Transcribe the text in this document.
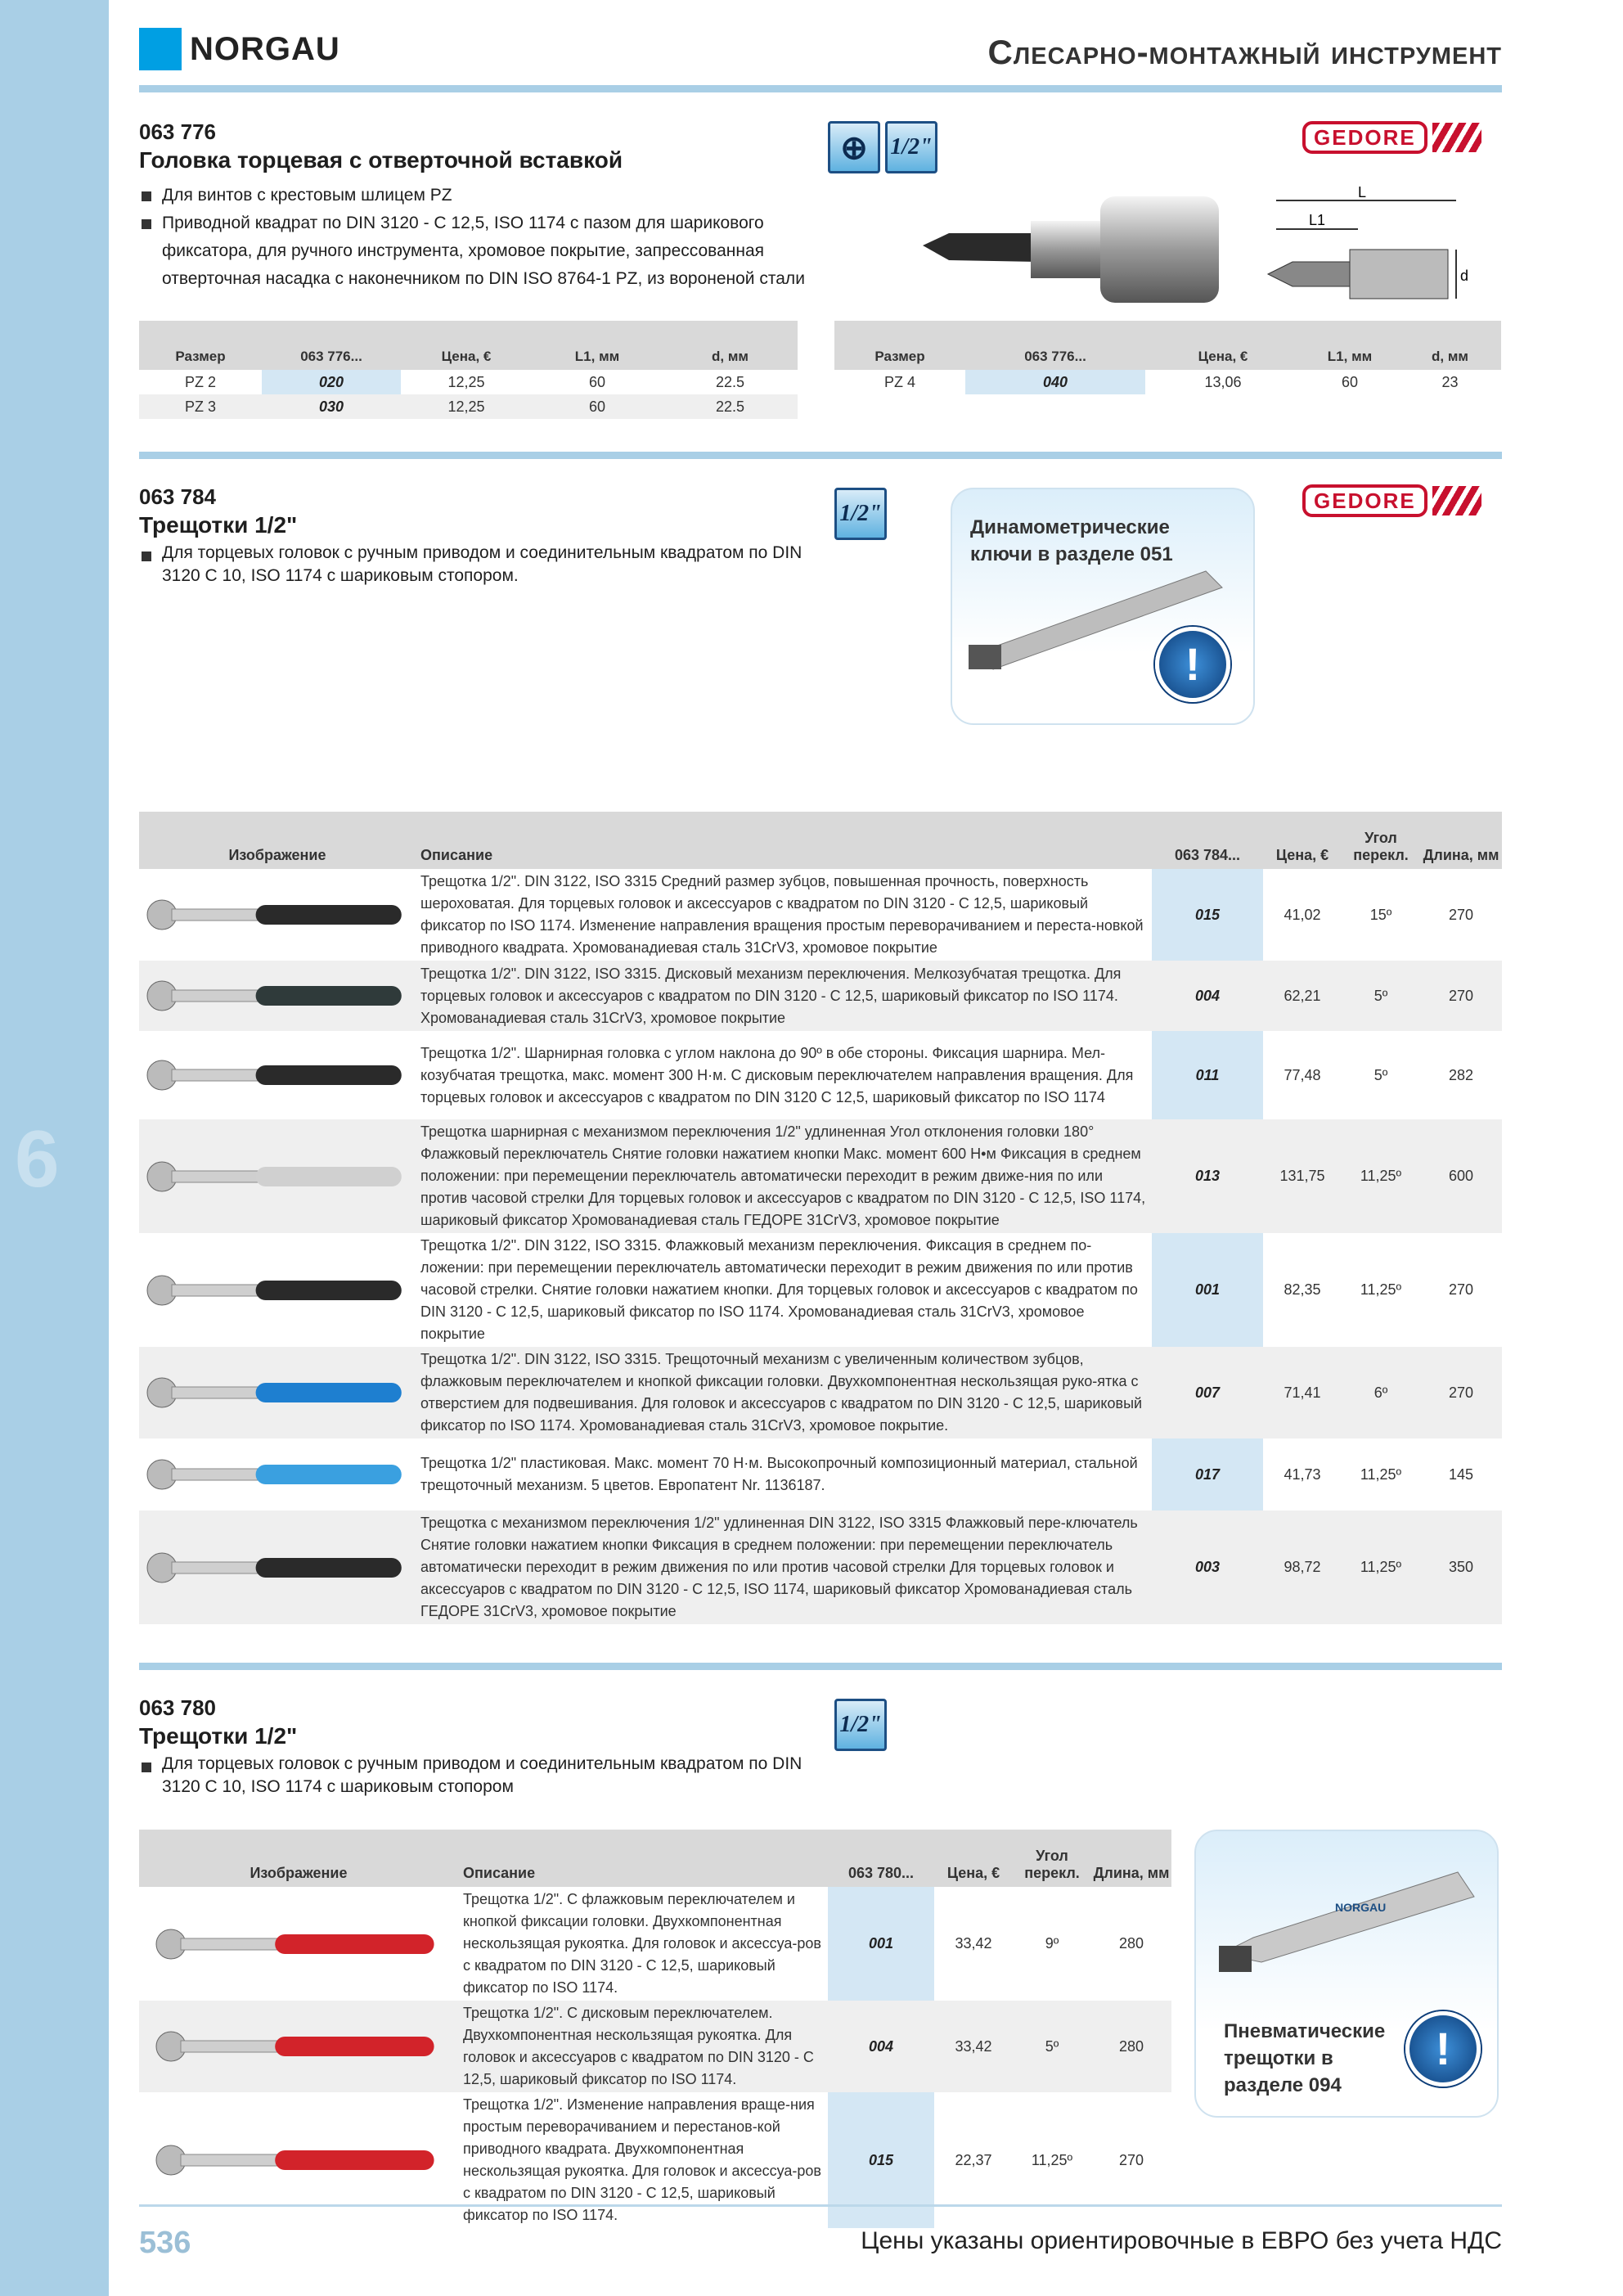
6
NORGAU	Слесарно-монтажный инструмент
063 776
Головка торцевая с отверточной вставкой
Для винтов с крестовым шлицем PZ
Приводной квадрат по DIN 3120 - C 12,5, ISO 1174 с пазом для шарикового фиксатора, для ручного инструмента, хромовое покрытие, запрессованная отверточная насадка с наконечником по DIN ISO 8764-1 PZ, из вороненой стали
⊕ 1/2"	GEDORE
L
L1
d
Размер	063 776...	Цена, €	L1, мм	d, мм
PZ 2	020	12,25	60	22.5
PZ 3	030	12,25	60	22.5
Размер	063 776...	Цена, €	L1, мм	d, мм
PZ 4	040	13,06	60	23
063 784
Трещотки 1/2"
Для торцевых головок с ручным приводом и соединительным квадратом по DIN 3120 C 10, ISO 1174 с шариковым стопором.
1/2"
Динамометрические ключи в разделе 051
!
GEDORE
Изображение	Описание	063 784...	Цена, €	Угол перекл.	Длина, мм

	Трещотка 1/2". DIN 3122, ISO 3315 Средний размер зубцов, повышенная прочность, поверхность шероховатая. Для торцевых головок и аксессуаров с квадратом по DIN 3120 - C 12,5, шариковый фиксатор по ISO 1174. Изменение направления вращения простым переворачиванием и переста-новкой приводного квадрата. Хромованадиевая сталь 31CrV3, хромовое покрытие	015	41,02	15º	270

	Трещотка 1/2". DIN 3122, ISO 3315. Дисковый механизм переключения. Мелкозубчатая трещотка. Для торцевых головок и аксессуаров с квадратом по DIN 3120 - C 12,5, шариковый фиксатор по ISO 1174. Хромованадиевая сталь 31CrV3, хромовое покрытие	004	62,21	5º	270

	Трещотка 1/2". Шарнирная головка с углом наклона до 90º в обе стороны. Фиксация шарнира. Мел-козубчатая трещотка, макс. момент 300 Н·м. С дисковым переключателем направления вращения. Для торцевых головок и аксессуаров с квадратом по DIN 3120 C 12,5, шариковый фиксатор по ISO 1174	011	77,48	5º	282

	Трещотка шарнирная с механизмом переключения 1/2" удлиненная Угол отклонения головки 180° Флажковый переключатель Снятие головки нажатием кнопки Макс. момент 600 Н•м Фиксация в среднем положении: при перемещении переключатель автоматически переходит в режим движе-ния по или против часовой стрелки Для торцевых головок и аксессуаров с квадратом по DIN 3120 - C 12,5, ISO 1174, шариковый фиксатор Хромованадиевая сталь ГЕДОРЕ 31CrV3, хромовое покрытие	013	131,75	11,25º	600

	Трещотка 1/2". DIN 3122, ISO 3315. Флажковый механизм переключения. Фиксация в среднем по-ложении: при перемещении переключатель автоматически переходит в режим движения по или против часовой стрелки. Снятие головки нажатием кнопки. Для торцевых головок и аксессуаров с квадратом по DIN 3120 - C 12,5, шариковый фиксатор по ISO 1174. Хромованадиевая сталь 31CrV3, хромовое покрытие	001	82,35	11,25º	270

	Трещотка 1/2". DIN 3122, ISO 3315. Трещоточный механизм с увеличенным количеством зубцов, флажковым переключателем и кнопкой фиксации головки. Двухкомпонентная нескользящая руко-ятка с отверстием для подвешивания. Для головок и аксессуаров с квадратом по DIN 3120 - C 12,5, шариковый фиксатор по ISO 1174. Хромованадиевая сталь 31CrV3, хромовое покрытие.	007	71,41	6º	270

	Трещотка 1/2" пластиковая. Макс. момент 70 Н·м. Высокопрочный композиционный материал, стальной трещоточный механизм. 5 цветов. Европатент Nr. 1136187.	017	41,73	11,25º	145

	Трещотка с механизмом переключения 1/2" удлиненная DIN 3122, ISO 3315 Флажковый пере-ключатель Снятие головки нажатием кнопки Фиксация в среднем положении: при перемещении переключатель автоматически переходит в режим движения по или против часовой стрелки Для торцевых головок и аксессуаров с квадратом по DIN 3120 - C 12,5, ISO 1174, шариковый фиксатор Хромованадиевая сталь ГЕДОРЕ 31CrV3, хромовое покрытие	003	98,72	11,25º	350
063 780
Трещотки 1/2"
Для торцевых головок с ручным приводом и соединительным квадратом по DIN 3120 C 10, ISO 1174 с шариковым стопором
1/2"
Изображение	Описание	063 780...	Цена, €	Угол перекл.	Длина, мм

	Трещотка 1/2". С флажковым переключателем и кнопкой фиксации головки. Двухкомпонентная нескользящая рукоятка. Для головок и аксессуа-ров с квадратом по DIN 3120 - C 12,5, шариковый фиксатор по ISO 1174.	001	33,42	9º	280

	Трещотка 1/2". С дисковым переключателем. Двухкомпонентная нескользящая рукоятка. Для головок и аксессуаров с квадратом по DIN 3120 - C 12,5, шариковый фиксатор по ISO 1174.	004	33,42	5º	280

	Трещотка 1/2". Изменение направления враще-ния простым переворачиванием и перестанов-кой приводного квадрата. Двухкомпонентная нескользящая рукоятка. Для головок и аксессуа-ров с квадратом по DIN 3120 - C 12,5, шариковый фиксатор по ISO 1174.	015	22,37	11,25º	270
NORGAU
Пневматические трещотки в разделе 094
!
536	Цены указаны ориентировочные в ЕВРО без учета НДС
